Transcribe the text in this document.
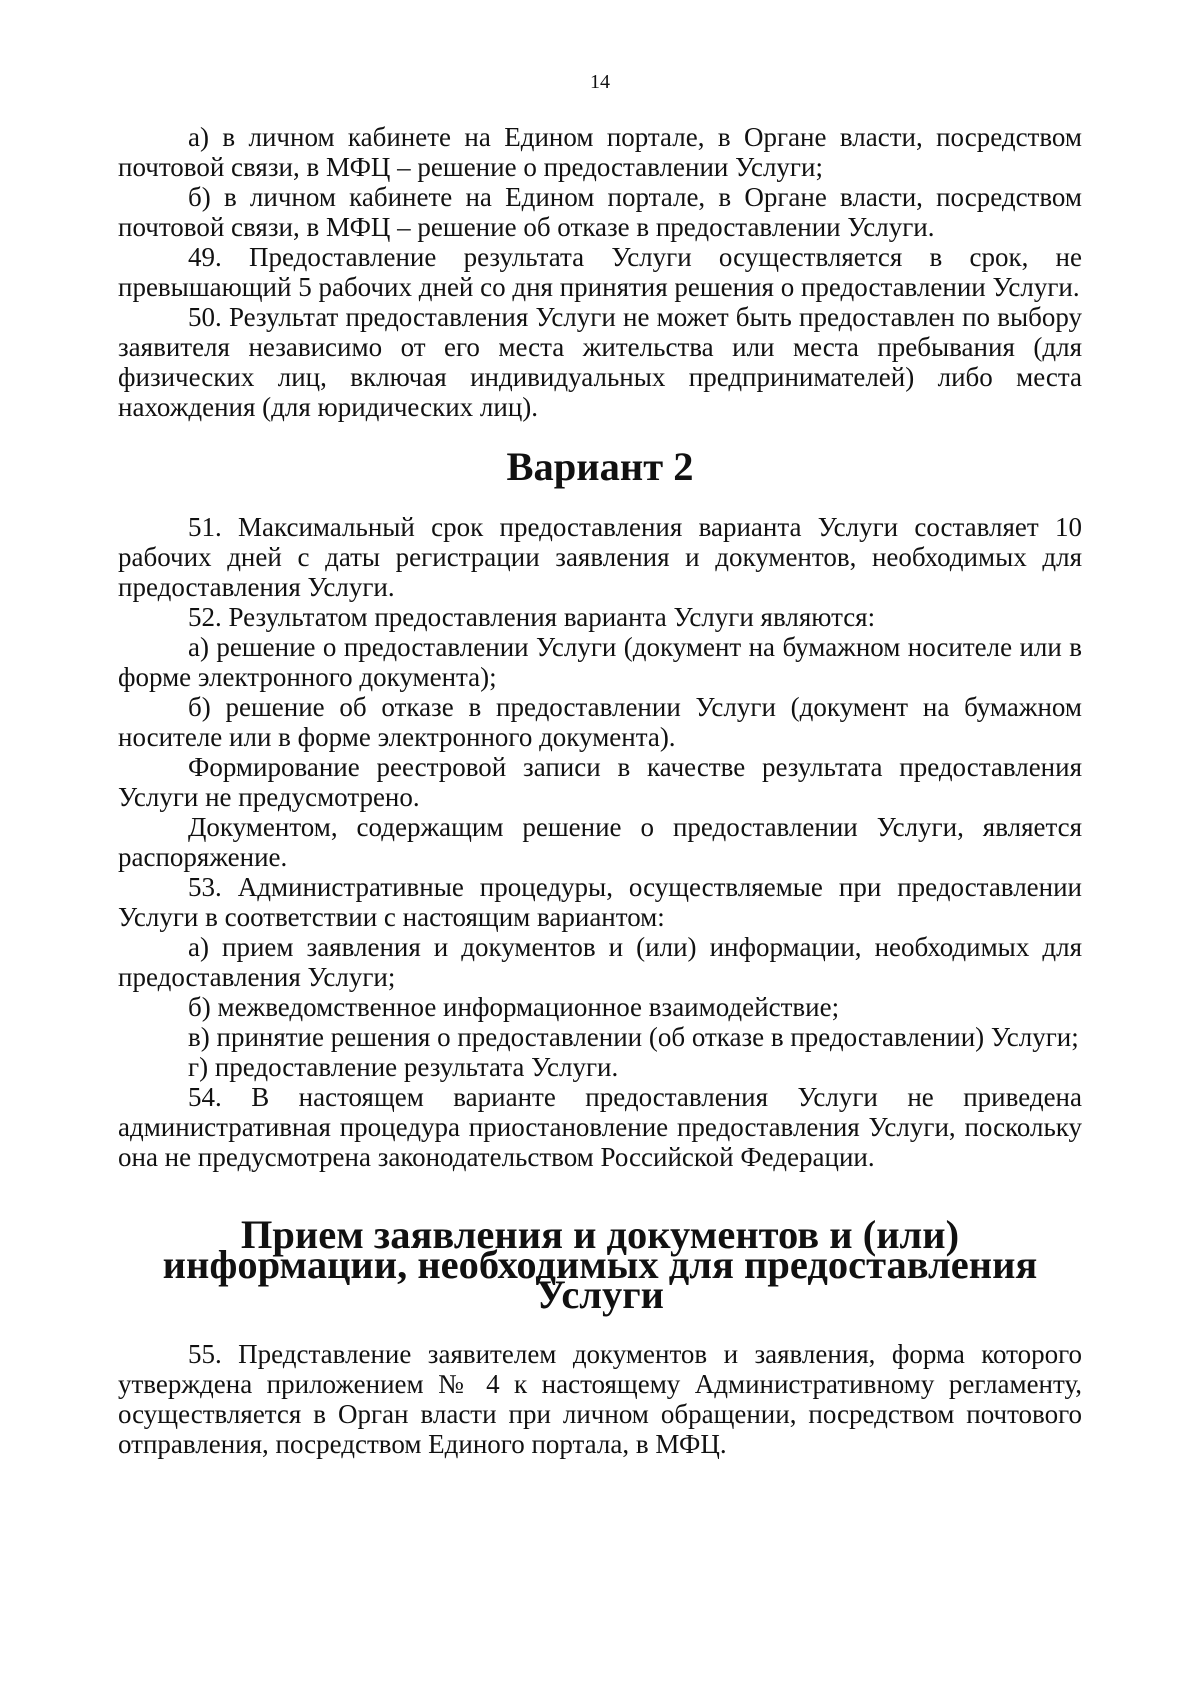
14

а) в личном кабинете на Едином портале, в Органе власти, посредством почтовой связи, в МФЦ – решение о предоставлении Услуги;

б) в личном кабинете на Едином портале, в Органе власти, посредством почтовой связи, в МФЦ – решение об отказе в предоставлении Услуги.

49. Предоставление результата Услуги осуществляется в срок, не превышающий 5 рабочих дней со дня принятия решения о предоставлении Услуги.

50. Результат предоставления Услуги не может быть предоставлен по выбору заявителя независимо от его места жительства или места пребывания (для физических лиц, включая индивидуальных предпринимателей) либо места нахождения (для юридических лиц).

Вариант 2

51. Максимальный срок предоставления варианта Услуги составляет 10 рабочих дней с даты регистрации заявления и документов, необходимых для предоставления Услуги.

52. Результатом предоставления варианта Услуги являются:

а) решение о предоставлении Услуги (документ на бумажном носителе или в форме электронного документа);

б) решение об отказе в предоставлении Услуги (документ на бумажном носителе или в форме электронного документа).

Формирование реестровой записи в качестве результата предоставления Услуги не предусмотрено.

Документом, содержащим решение о предоставлении Услуги, является распоряжение.

53. Административные процедуры, осуществляемые при предоставлении Услуги в соответствии с настоящим вариантом:

а) прием заявления и документов и (или) информации, необходимых для предоставления Услуги;

б) межведомственное информационное взаимодействие;

в) принятие решения о предоставлении (об отказе в предоставлении) Услуги;

г) предоставление результата Услуги.

54. В настоящем варианте предоставления Услуги не приведена административная процедура приостановление предоставления Услуги, поскольку она не предусмотрена законодательством Российской Федерации.

Прием заявления и документов и (или) информации, необходимых для предоставления Услуги

55. Представление заявителем документов и заявления, форма которого утверждена приложением № 4 к настоящему Административному регламенту, осуществляется в Орган власти при личном обращении, посредством почтового отправления, посредством Единого портала, в МФЦ.
